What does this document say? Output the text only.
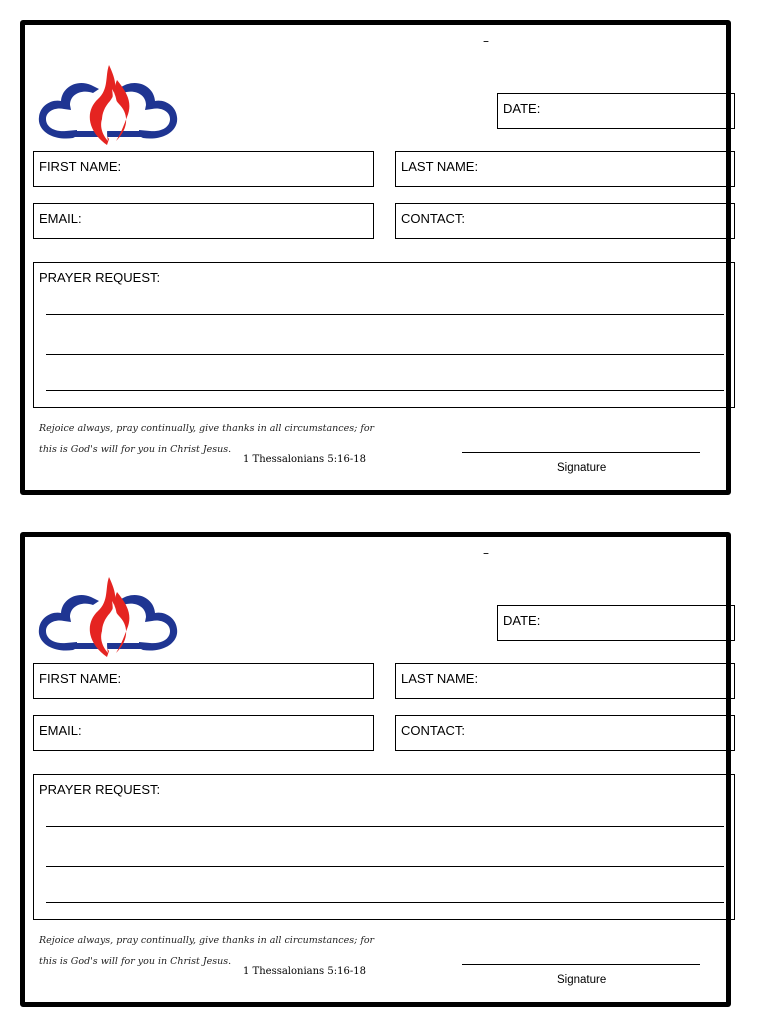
–
DATE:
FIRST NAME:	LAST NAME:
EMAIL:	CONTACT:
PRAYER REQUEST:
Rejoice always, pray continually, give thanks in all circumstances; for this is God's will for you in Christ Jesus.
1 Thessalonians 5:16-18
Signature
–
DATE:
FIRST NAME:	LAST NAME:
EMAIL:	CONTACT:
PRAYER REQUEST:
Rejoice always, pray continually, give thanks in all circumstances; for this is God's will for you in Christ Jesus.
1 Thessalonians 5:16-18
Signature
